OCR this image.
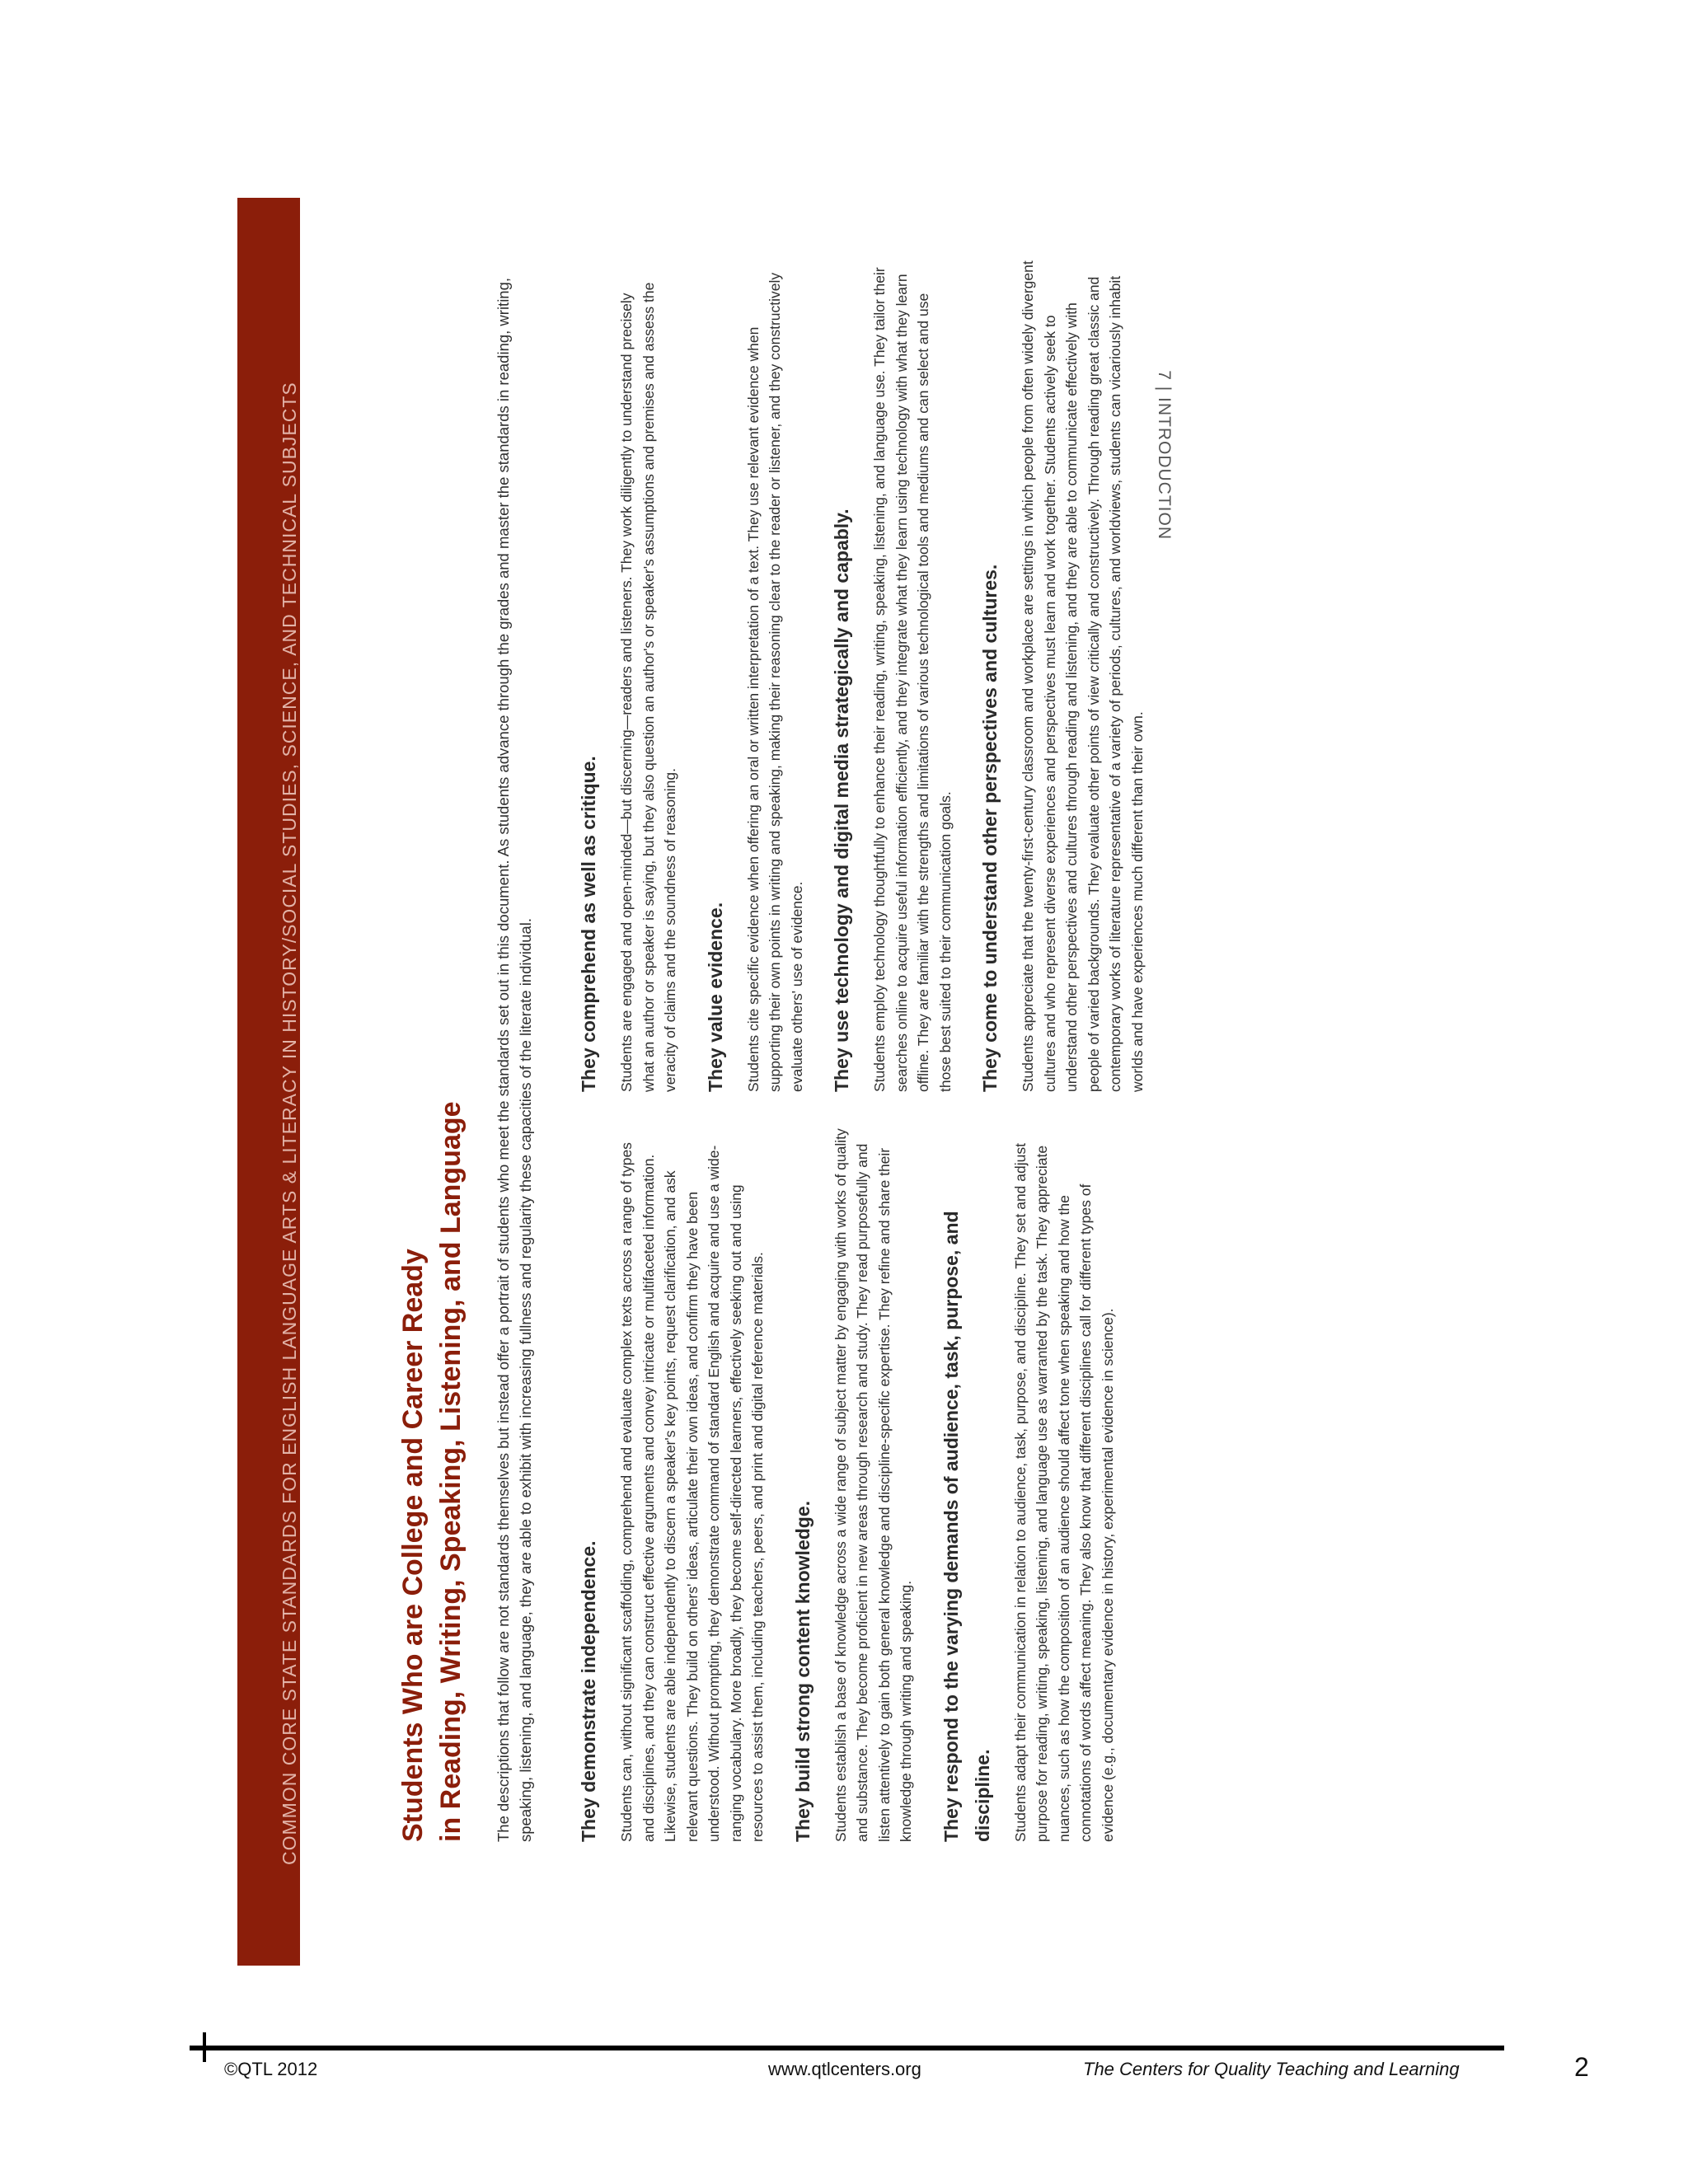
COMMON CORE STATE STANDARDS FOR ENGLISH LANGUAGE ARTS & LITERACY IN HISTORY/SOCIAL STUDIES, SCIENCE, AND TECHNICAL SUBJECTS	Students Who are College and Career Ready in Reading, Writing, Speaking, Listening, and Language The descriptions that follow are not standards themselves but instead offer a portrait of students who meet the standards set out in this document. As students advance through the grades and master the standards in reading, writing, speaking, listening, and language, they are able to exhibit with increasing fullness and regularity these capacities of the literate individual. They demonstrate independence.	Students can, without significant scaffolding, comprehend and evaluate complex texts across a range of types and disciplines, and they can construct effective arguments and convey intricate or multifaceted information. Likewise, students are able independently to discern a speaker's key points, request clarification, and ask relevant questions. They build on others' ideas, articulate their own ideas, and confirm they have been understood. Without prompting, they demonstrate command of standard English and acquire and use a wide-ranging vocabulary. More broadly, they become self-directed learners, effectively seeking out and using resources to assist them, including teachers, peers, and print and digital reference materials. They build strong content knowledge.	Students establish a base of knowledge across a wide range of subject matter by engaging with works of quality and substance. They become proficient in new areas through research and study. They read purposefully and listen attentively to gain both general knowledge and discipline-specific expertise. They refine and share their knowledge through writing and speaking. They respond to the varying demands of audience, task, purpose, and discipline.	Students adapt their communication in relation to audience, task, purpose, and discipline. They set and adjust purpose for reading, writing, speaking, listening, and language use as warranted by the task. They appreciate nuances, such as how the composition of an audience should affect tone when speaking and how the connotations of words affect meaning. They also know that different disciplines call for different types of evidence (e.g., documentary evidence in history, experimental evidence in science).

They comprehend as well as critique.	Students are engaged and open-minded—but discerning—readers and listeners. They work diligently to understand precisely what an author or speaker is saying, but they also question an author's or speaker's assumptions and premises and assess the veracity of claims and the soundness of reasoning. They value evidence.	Students cite specific evidence when offering an oral or written interpretation of a text. They use relevant evidence when supporting their own points in writing and speaking, making their reasoning clear to the reader or listener, and they constructively evaluate others' use of evidence. They use technology and digital media strategically and capably.	Students employ technology thoughtfully to enhance their reading, writing, speaking, listening, and language use. They tailor their searches online to acquire useful information efficiently, and they integrate what they learn using technology with what they learn offline. They are familiar with the strengths and limitations of various technological tools and mediums and can select and use those best suited to their communication goals. They come to understand other perspectives and cultures.	Students appreciate that the twenty-first-century classroom and workplace are settings in which people from often widely divergent cultures and who represent diverse experiences and perspectives must learn and work together. Students actively seek to understand other perspectives and cultures through reading and listening, and they are able to communicate effectively with people of varied backgrounds. They evaluate other points of view critically and constructively. Through reading great classic and contemporary works of literature representative of a variety of periods, cultures, and worldviews, students can vicariously inhabit worlds and have experiences much different than their own.

7 | INTRODUCTION
©QTL 2012	www.qtlcenters.org	The Centers for Quality Teaching and Learning	2
